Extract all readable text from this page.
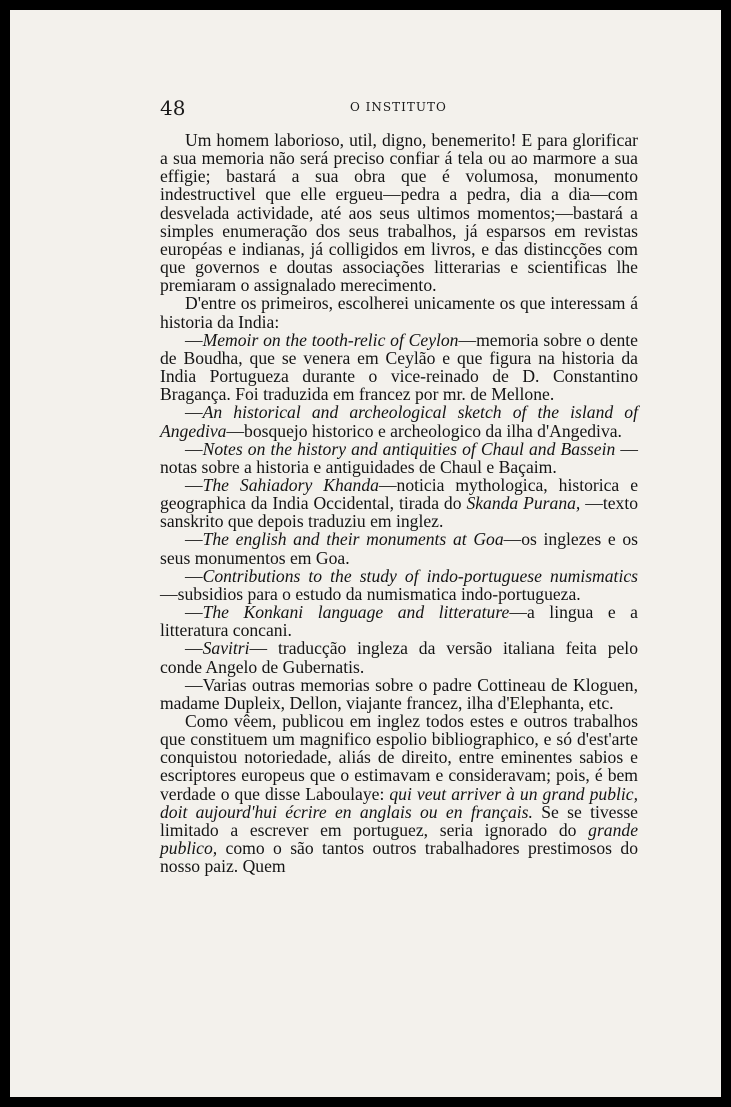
48	O INSTITUTO

Um homem laborioso, util, digno, benemerito! E para glorificar a sua memoria não será preciso confiar á tela ou ao marmore a sua effigie; bastará a sua obra que é volumosa, monumento indestructivel que elle ergueu—pedra a pedra, dia a dia—com desvelada actividade, até aos seus ultimos momentos;—bastará a simples enumeração dos seus trabalhos, já esparsos em revistas européas e indianas, já colligidos em livros, e das distincções com que governos e doutas associações litterarias e scientificas lhe premiaram o assignalado merecimento.

D'entre os primeiros, escolherei unicamente os que interessam á historia da India:

—Memoir on the tooth-relic of Ceylon—memoria sobre o dente de Boudha, que se venera em Ceylão e que figura na historia da India Portugueza durante o vice-reinado de D. Constantino Bragança. Foi traduzida em francez por mr. de Mellone.

—An historical and archeological sketch of the island of Angediva—bosquejo historico e archeologico da ilha d'Angediva.

—Notes on the history and antiquities of Chaul and Bassein —notas sobre a historia e antiguidades de Chaul e Baçaim.

—The Sahiadory Khanda—noticia mythologica, historica e geographica da India Occidental, tirada do Skanda Purana, —texto sanskrito que depois traduziu em inglez.

—The english and their monuments at Goa—os inglezes e os seus monumentos em Goa.

—Contributions to the study of indo-portuguese numismatics —subsidios para o estudo da numismatica indo-portugueza.

—The Konkani language and litterature—a lingua e a litteratura concani.

—Savitri— traducção ingleza da versão italiana feita pelo conde Angelo de Gubernatis.

—Varias outras memorias sobre o padre Cottineau de Kloguen, madame Dupleix, Dellon, viajante francez, ilha d'Elephanta, etc.

Como vêem, publicou em inglez todos estes e outros trabalhos que constituem um magnifico espolio bibliographico, e só d'est'arte conquistou notoriedade, aliás de direito, entre eminentes sabios e escriptores europeus que o estimavam e consideravam; pois, é bem verdade o que disse Laboulaye: qui veut arriver à un grand public, doit aujourd'hui écrire en anglais ou en français. Se se tivesse limitado a escrever em portuguez, seria ignorado do grande publico, como o são tantos outros trabalhadores prestimosos do nosso paiz. Quem
